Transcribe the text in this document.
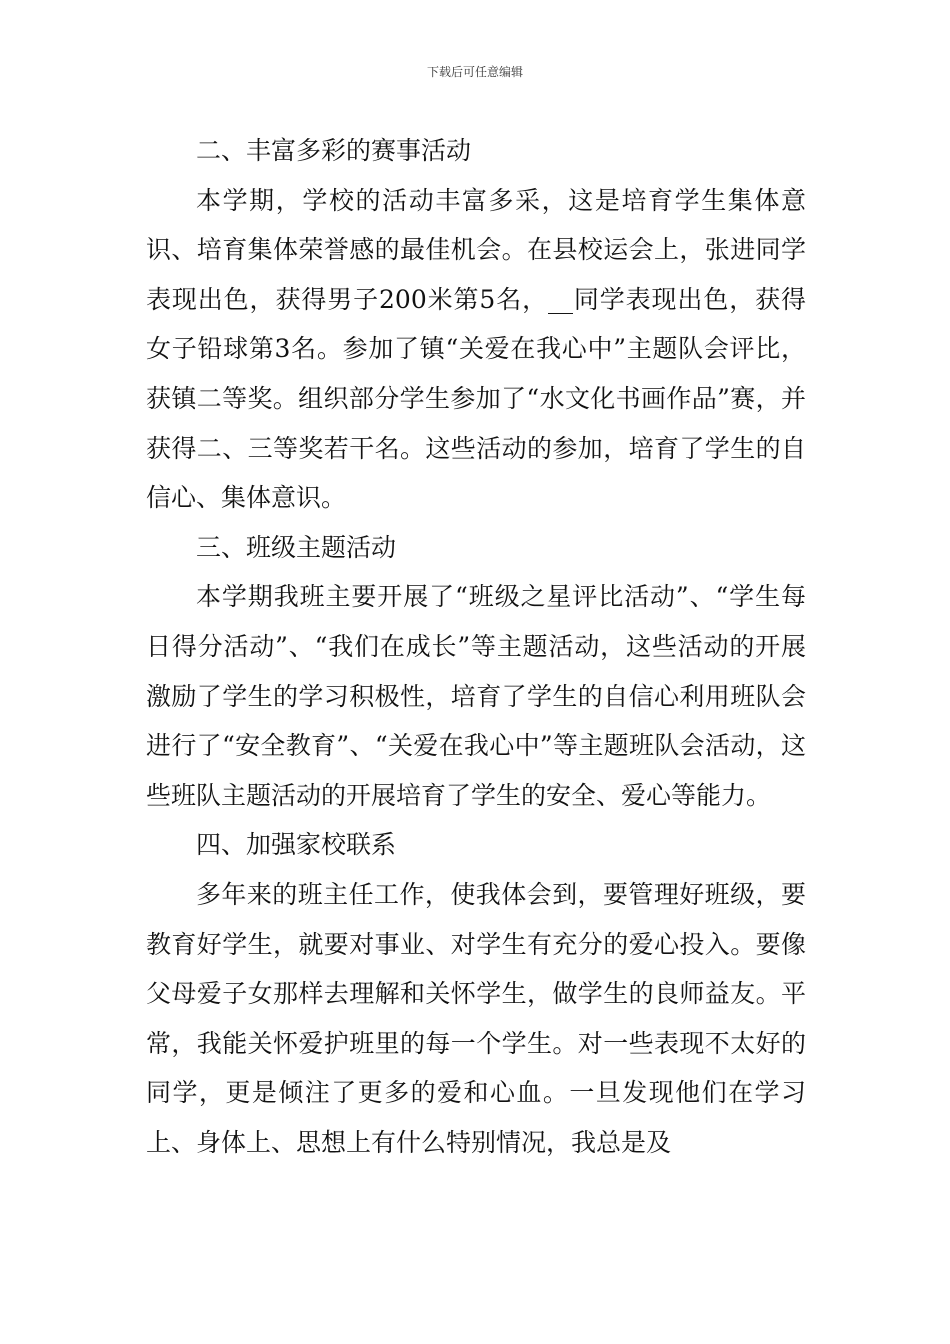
下载后可任意编辑

二、丰富多彩的赛事活动

本学期，学校的活动丰富多采，这是培育学生集体意识、培育集体荣誉感的最佳机会。在县校运会上，张进同学表现出色，获得男子200米第5名，__同学表现出色，获得女子铅球第3名。参加了镇“关爱在我心中”主题队会评比，获镇二等奖。组织部分学生参加了“水文化书画作品”赛，并获得二、三等奖若干名。这些活动的参加，培育了学生的自信心、集体意识。

三、班级主题活动

本学期我班主要开展了“班级之星评比活动”、“学生每日得分活动”、“我们在成长”等主题活动，这些活动的开展激励了学生的学习积极性，培育了学生的自信心利用班队会进行了“安全教育”、“关爱在我心中”等主题班队会活动，这些班队主题活动的开展培育了学生的安全、爱心等能力。

四、加强家校联系

多年来的班主任工作，使我体会到，要管理好班级，要教育好学生，就要对事业、对学生有充分的爱心投入。要像父母爱子女那样去理解和关怀学生，做学生的良师益友。平常，我能关怀爱护班里的每一个学生。对一些表现不太好的同学，更是倾注了更多的爱和心血。一旦发现他们在学习上、身体上、思想上有什么特别情况，我总是及
